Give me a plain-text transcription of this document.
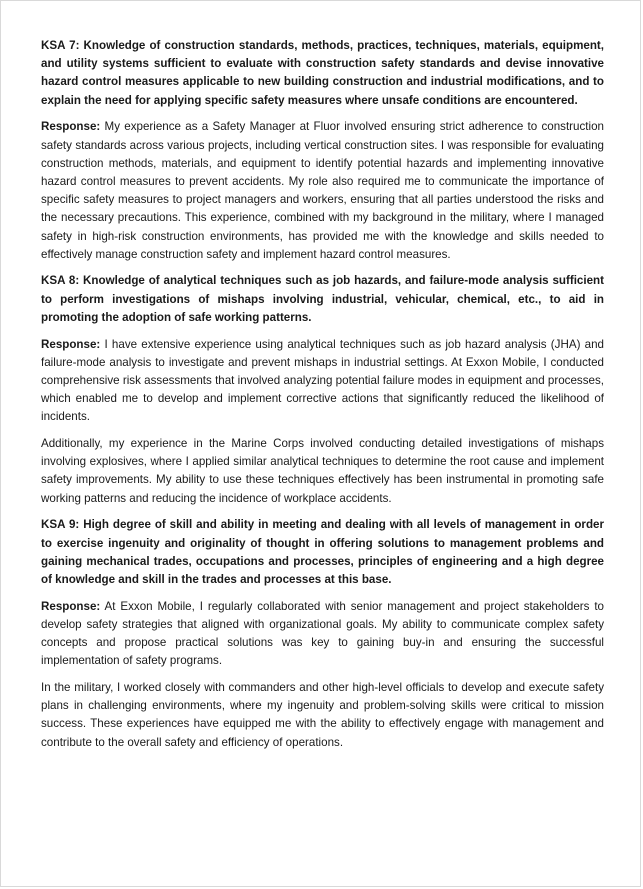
KSA 7: Knowledge of construction standards, methods, practices, techniques, materials, equipment, and utility systems sufficient to evaluate with construction safety standards and devise innovative hazard control measures applicable to new building construction and industrial modifications, and to explain the need for applying specific safety measures where unsafe conditions are encountered.

Response: My experience as a Safety Manager at Fluor involved ensuring strict adherence to construction safety standards across various projects, including vertical construction sites. I was responsible for evaluating construction methods, materials, and equipment to identify potential hazards and implementing innovative hazard control measures to prevent accidents. My role also required me to communicate the importance of specific safety measures to project managers and workers, ensuring that all parties understood the risks and the necessary precautions. This experience, combined with my background in the military, where I managed safety in high-risk construction environments, has provided me with the knowledge and skills needed to effectively manage construction safety and implement hazard control measures.

KSA 8: Knowledge of analytical techniques such as job hazards, and failure-mode analysis sufficient to perform investigations of mishaps involving industrial, vehicular, chemical, etc., to aid in promoting the adoption of safe working patterns.

Response: I have extensive experience using analytical techniques such as job hazard analysis (JHA) and failure-mode analysis to investigate and prevent mishaps in industrial settings. At Exxon Mobile, I conducted comprehensive risk assessments that involved analyzing potential failure modes in equipment and processes, which enabled me to develop and implement corrective actions that significantly reduced the likelihood of incidents.

Additionally, my experience in the Marine Corps involved conducting detailed investigations of mishaps involving explosives, where I applied similar analytical techniques to determine the root cause and implement safety improvements. My ability to use these techniques effectively has been instrumental in promoting safe working patterns and reducing the incidence of workplace accidents.

KSA 9: High degree of skill and ability in meeting and dealing with all levels of management in order to exercise ingenuity and originality of thought in offering solutions to management problems and gaining mechanical trades, occupations and processes, principles of engineering and a high degree of knowledge and skill in the trades and processes at this base.

Response: At Exxon Mobile, I regularly collaborated with senior management and project stakeholders to develop safety strategies that aligned with organizational goals. My ability to communicate complex safety concepts and propose practical solutions was key to gaining buy-in and ensuring the successful implementation of safety programs.

In the military, I worked closely with commanders and other high-level officials to develop and execute safety plans in challenging environments, where my ingenuity and problem-solving skills were critical to mission success. These experiences have equipped me with the ability to effectively engage with management and contribute to the overall safety and efficiency of operations.
